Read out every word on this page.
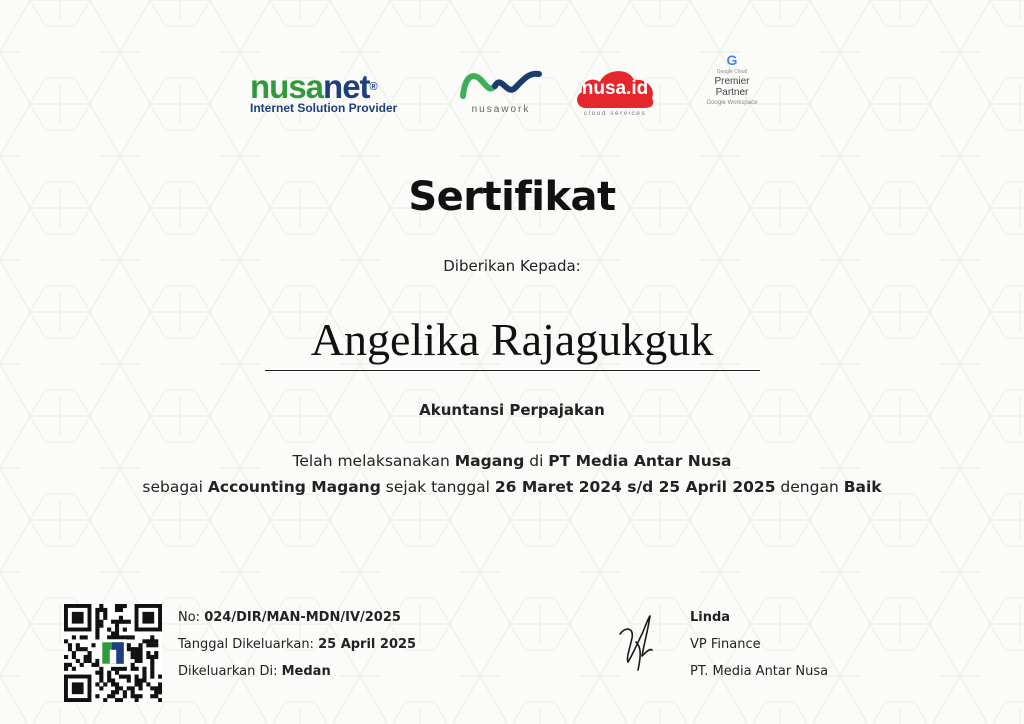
nusanet®
Internet Solution Provider	nusawork
nusa.id
cloud services
G
Google Cloud
Premier
Partner
Google Workspace
Sertifikat
Diberikan Kepada:
Angelika Rajagukguk
Akuntansi Perpajakan
Telah melaksanakan Magang di PT Media Antar Nusa
sebagai Accounting Magang sejak tanggal 26 Maret 2024 s/d 25 April 2025 dengan Baik
No: 024/DIR/MAN-MDN/IV/2025
Tanggal Dikeluarkan: 25 April 2025
Dikeluarkan Di: Medan
Linda
VP Finance
PT. Media Antar Nusa
